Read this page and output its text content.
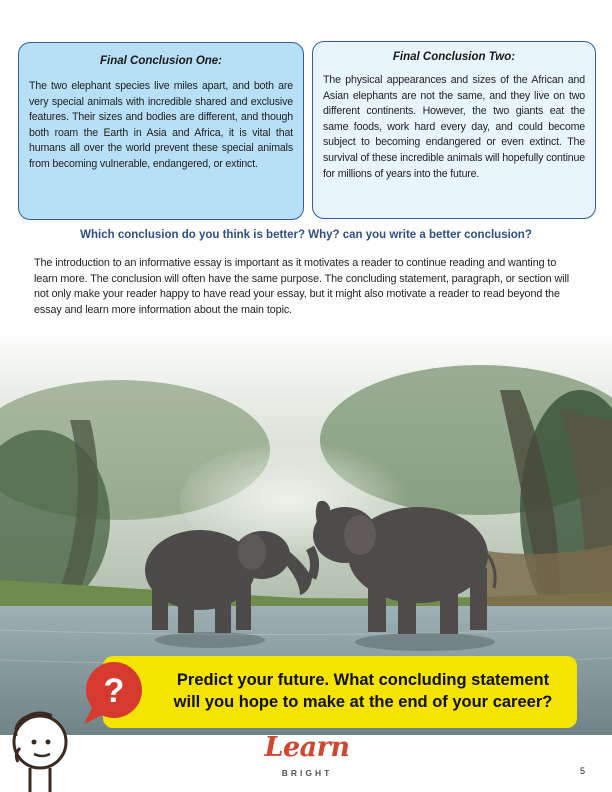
Final Conclusion One:

The two elephant species live miles apart, and both are very special animals with incredible shared and exclusive features. Their sizes and bodies are different, and though both roam the Earth in Asia and Africa, it is vital that humans all over the world prevent these special animals from becoming vulnerable, endangered, or extinct.

Final Conclusion Two:

The physical appearances and sizes of the African and Asian elephants are not the same, and they live on two different continents. However, the two giants eat the same foods, work hard every day, and could become subject to becoming endangered or even extinct. The survival of these incredible animals will hopefully continue for millions of years into the future.

Which conclusion do you think is better? Why? can you write a better conclusion?

The introduction to an informative essay is important as it motivates a reader to continue reading and wanting to learn more. The conclusion will often have the same purpose. The concluding statement, paragraph, or section will not only make your reader happy to have read your essay, but it might also motivate a reader to read beyond the essay and learn more information about the main topic.

Predict your future. What concluding statement
will you hope to make at the end of your career?
?
Learn
BRIGHT	5
